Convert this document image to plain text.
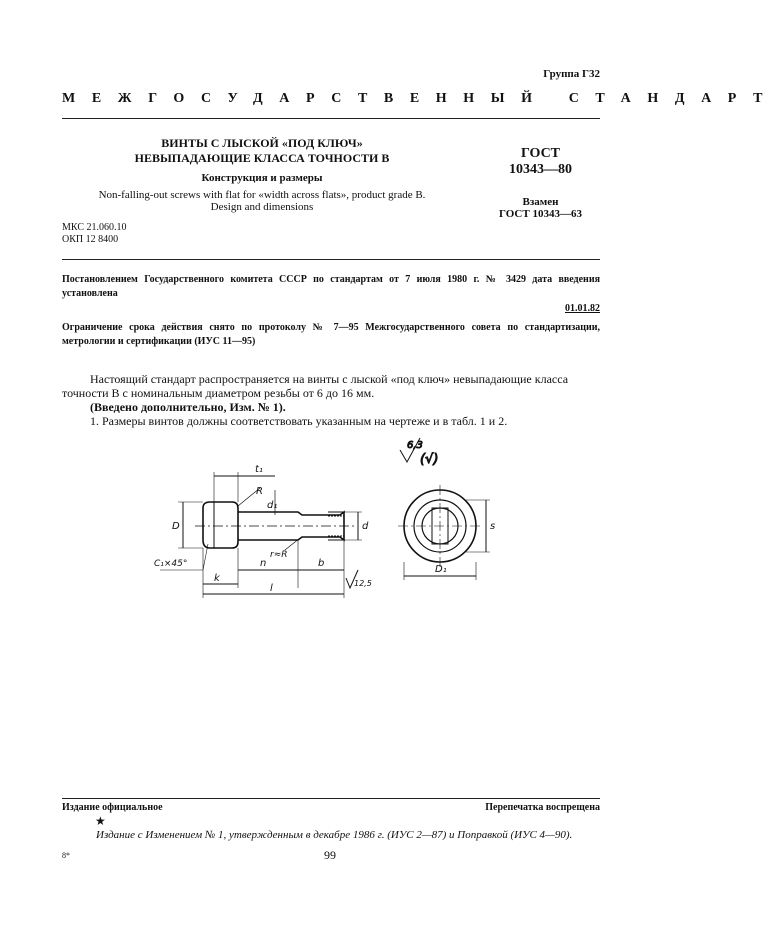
Группа Г32
МЕЖГОСУДАРСТВЕННЫЙ СТАНДАРТ
ВИНТЫ С ЛЫСКОЙ «ПОД КЛЮЧ»
НЕВЫПАДАЮЩИЕ КЛАССА ТОЧНОСТИ В
Конструкция и размеры
Non-falling-out screws with flat for «width across flats», product grade B.
Design and dimensions
МКС 21.060.10
ОКП 12 8400
ГОСТ
10343—80
Взамен
ГОСТ 10343—63
Постановлением Государственного комитета СССР по стандартам от 7 июля 1980 г. № 3429 дата введения установлена
01.01.82
Ограничение срока действия снято по протоколу № 7—95 Межгосударственного совета по стандартизации, метрологии и сертификации (ИУС 11—95)
Настоящий стандарт распространяется на винты с лыской «под ключ» невыпадающие класса точности В с номинальным диаметром резьбы от 6 до 16 мм.
(Введено дополнительно, Изм. № 1).
1. Размеры винтов должны соответствовать указанным на чертеже и в табл. 1 и 2.
6,3
(√)
t₁
R
d₁
D	d
r≈R
C₁×45°
k
n	b
l	12,5
s
D₁
Издание официальное	Перепечатка воспрещена
★
Издание с Изменением № 1, утвержденным в декабре 1986 г. (ИУС 2—87) и Поправкой (ИУС 4—90).
8*	99
